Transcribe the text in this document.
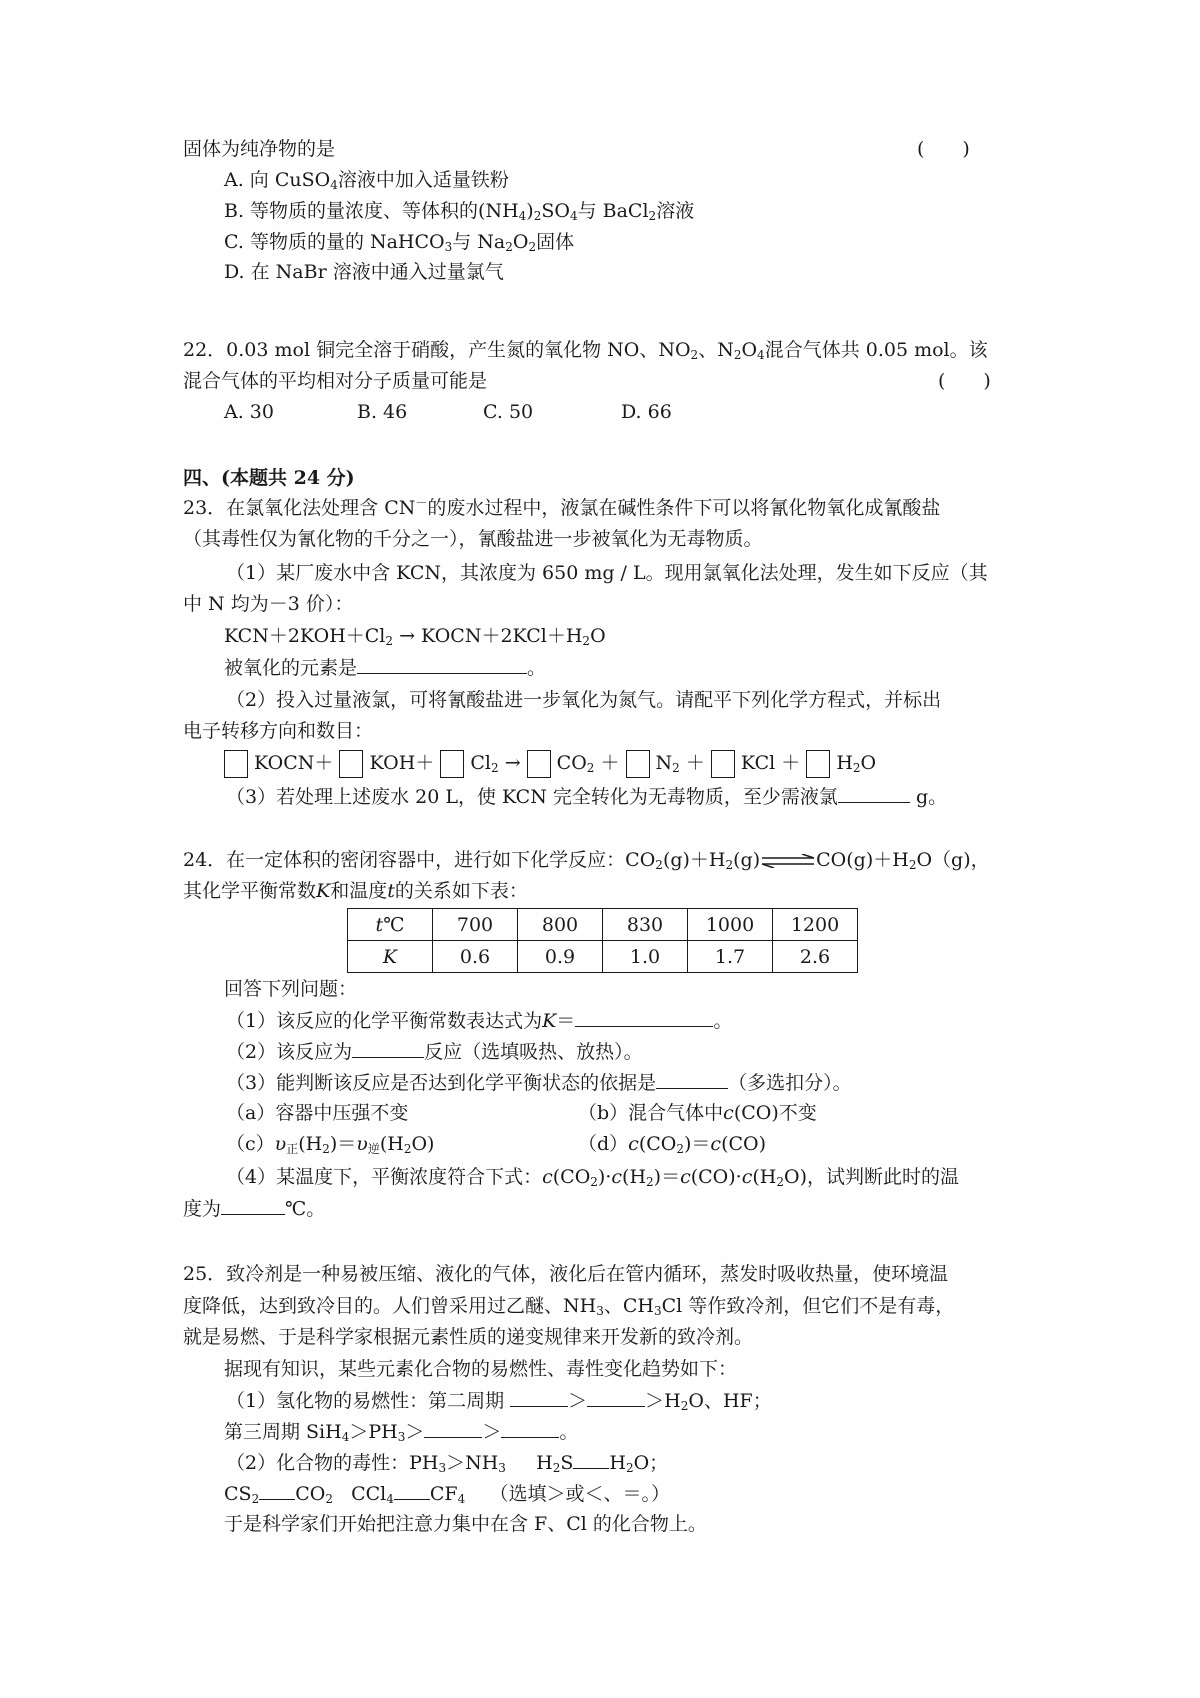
固体为纯净物的是	(　　)
A. 向 CuSO$_4$溶液中加入适量铁粉
B. 等物质的量浓度、等体积的$(NH_4)_2SO_4$与 BaCl$_2$溶液
C. 等物质的量的 NaHCO$_3$与 $Na_2O_2$固体
D. 在 NaBr 溶液中通入过量氯气
22．0.03 mol 铜完全溶于硝酸，产生氮的氧化物 NO、$NO_2$、$N_2O_4$混合气体共 0.05 mol。该
混合气体的平均相对分子质量可能是	(　　)
A. 30	B. 46	C. 50	D. 66
四、(本题共 24 分)
23．在氯氧化法处理含 CN－的废水过程中，液氯在碱性条件下可以将氰化物氧化成氰酸盐
（其毒性仅为氰化物的千分之一），氰酸盐进一步被氧化为无毒物质。
（1）某厂废水中含 KCN，其浓度为 650 mg / L。现用氯氧化法处理，发生如下反应（其
中 N 均为－3 价）：
$KCN+2KOH+Cl_2$ → $KOCN+2KCl+H_2O$
被氧化的元素是	。
（2）投入过量液氯，可将氰酸盐进一步氧化为氮气。请配平下列化学方程式，并标出
电子转移方向和数目：
KOCN＋ $KOH+ Cl_2 \to CO_2 + N_2$ ＋ KCl ＋ $H_2O$
（3）若处理上述废水 20 L，使 KCN 完全转化为无毒物质，至少需液氯	g。
24．在一定体积的密闭容器中，进行如下化学反应：$CO_2(g)+H_2(g)\rightleftharpoons CO(g)+H_2O(g)$，
其化学平衡常数K和温度t的关系如下表：
t℃	700	800	830	1000	1200
K	0.6	0.9	1.0	1.7	2.6
回答下列问题：
（1）该反应的化学平衡常数表达式为K＝	。
（2）该反应为	反应（选填吸热、放热）。
（3）能判断该反应是否达到化学平衡状态的依据是	（多选扣分）。
（a）容器中压强不变	（b）混合气体中c(CO)不变
$(c)\upsilon_正(H_2)=\upsilon_逆(H_2O)$	$(d)c(CO_2)=c(CO)$
（4）某温度下，平衡浓度符合下式：$c(CO_2)\cdot c(H_2)=c(CO)\cdot c(H_2O)$，试判断此时的温
度为	℃。
25．致冷剂是一种易被压缩、液化的气体，液化后在管内循环，蒸发时吸收热量，使环境温
度降低，达到致冷目的。人们曾采用过乙醚、$NH_3$、$CH_3Cl$ 等作致冷剂，但它们不是有毒，
就是易燃、于是科学家根据元素性质的递变规律来开发新的致冷剂。
据现有知识，某些元素化合物的易燃性、毒性变化趋势如下：
（1）氢化物的易燃性：第二周期	＞	$>H_2O$、HF；
第三周期 $SiH_4>PH_3>$	＞	。
（2）化合物的毒性：$PH_3>NH_3$ $H_2S$ $H_2O$；
$CS_2$ $CO_2$ CCl$_4$ $CF_4$ （选填＞或＜、＝。）
于是科学家们开始把注意力集中在含 F、Cl 的化合物上。
